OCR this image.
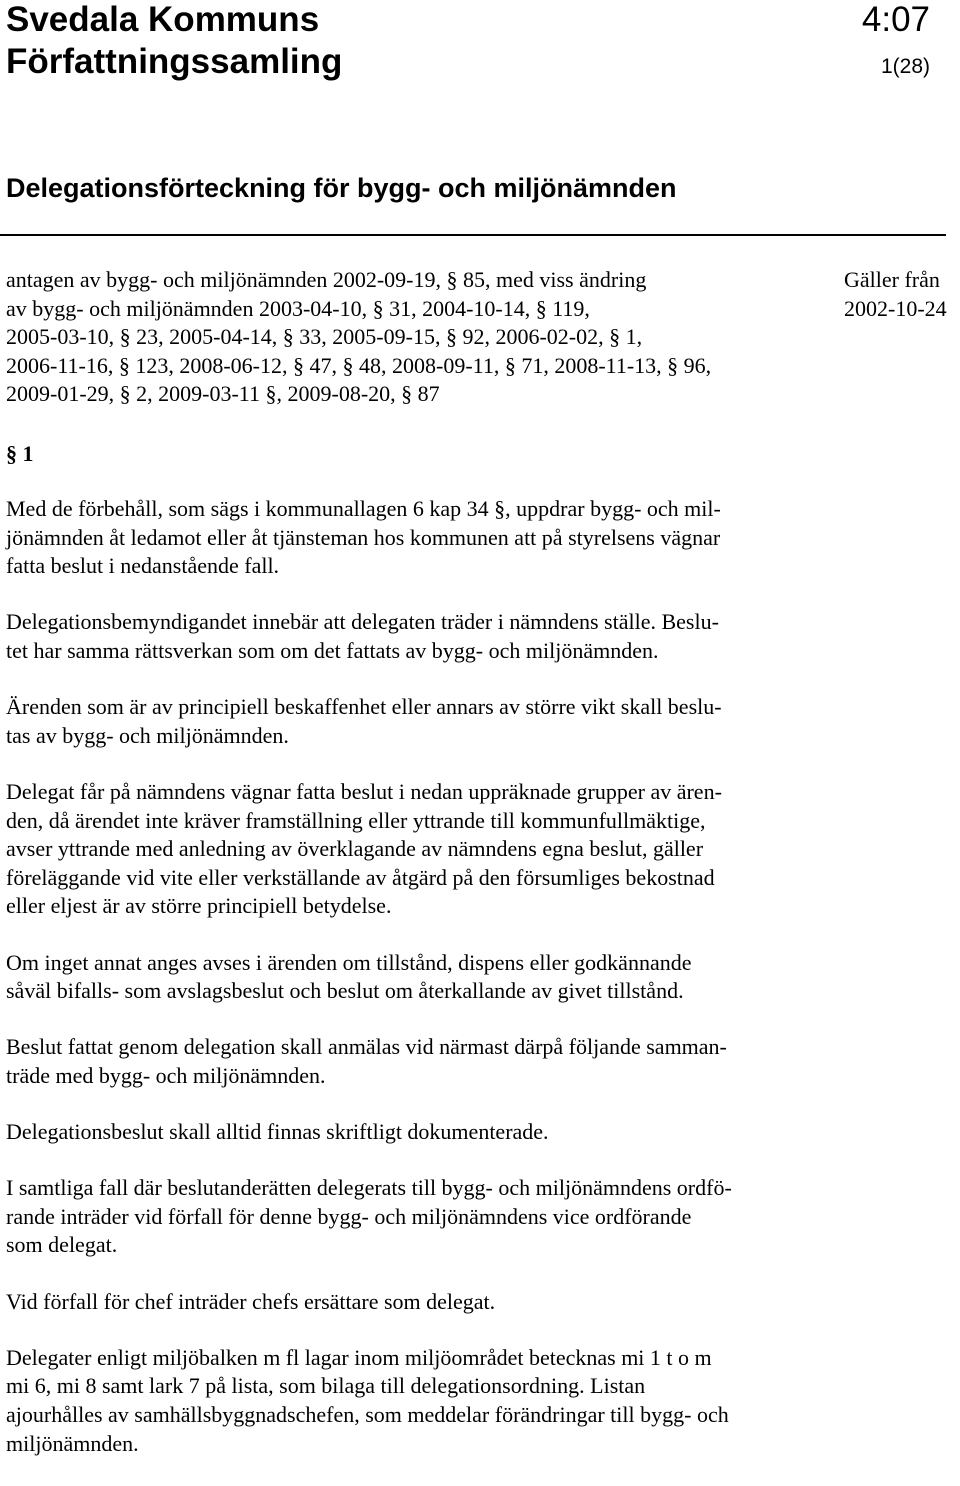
Svedala Kommuns
Författningssamling
4:07
1(28)
Delegationsförteckning för bygg- och miljönämnden
antagen av bygg- och miljönämnden 2002-09-19, § 85, med viss ändring
av bygg- och miljönämnden 2003-04-10, § 31, 2004-10-14, § 119,
2005-03-10, § 23, 2005-04-14, § 33, 2005-09-15, § 92, 2006-02-02, § 1,
2006-11-16, § 123, 2008-06-12, § 47, § 48, 2008-09-11, § 71, 2008-11-13, § 96,
2009-01-29, § 2, 2009-03-11 §, 2009-08-20, § 87
Gäller från
2002-10-24
§ 1

Med de förbehåll, som sägs i kommunallagen 6 kap 34 §, uppdrar bygg- och mil-
jönämnden åt ledamot eller åt tjänsteman hos kommunen att på styrelsens vägnar
fatta beslut i nedanstående fall.

Delegationsbemyndigandet innebär att delegaten träder i nämndens ställe. Beslu-
tet har samma rättsverkan som om det fattats av bygg- och miljönämnden.

Ärenden som är av principiell beskaffenhet eller annars av större vikt skall beslu-
tas av bygg- och miljönämnden.

Delegat får på nämndens vägnar fatta beslut i nedan uppräknade grupper av ären-
den, då ärendet inte kräver framställning eller yttrande till kommunfullmäktige,
avser yttrande med anledning av överklagande av nämndens egna beslut, gäller
föreläggande vid vite eller verkställande av åtgärd på den försumliges bekostnad
eller eljest är av större principiell betydelse.

Om inget annat anges avses i ärenden om tillstånd, dispens eller godkännande
såväl bifalls- som avslagsbeslut och beslut om återkallande av givet tillstånd.

Beslut fattat genom delegation skall anmälas vid närmast därpå följande samman-
träde med bygg- och miljönämnden.

Delegationsbeslut skall alltid finnas skriftligt dokumenterade.

I samtliga fall där beslutanderätten delegerats till bygg- och miljönämndens ordfö-
rande inträder vid förfall för denne bygg- och miljönämndens vice ordförande
som delegat.

Vid förfall för chef inträder chefs ersättare som delegat.

Delegater enligt miljöbalken m fl lagar inom miljöområdet betecknas mi 1 t o m
mi 6, mi 8 samt lark 7 på lista, som bilaga till delegationsordning. Listan
ajourhålles av samhällsbyggnadschefen, som meddelar förändringar till bygg- och
miljönämnden.
